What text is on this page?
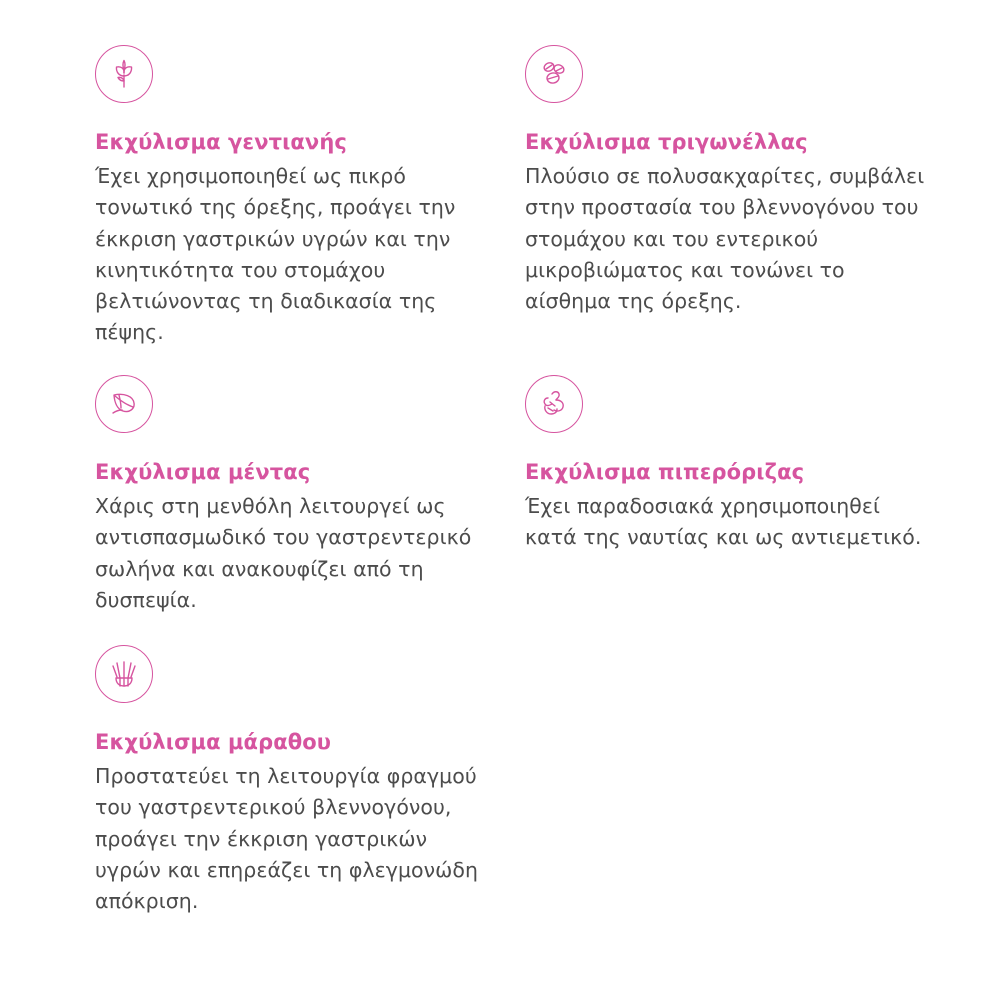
Εκχύλισμα γεντιανής
Έχει χρησιμοποιηθεί ως πικρό τονωτικό της όρεξης, προάγει την έκκριση γαστρικών υγρών και την κινητικότητα του στομάχου βελτιώνοντας τη διαδικασία της πέψης.
Εκχύλισμα μέντας
Χάρις στη μενθόλη λειτουργεί ως αντισπασμωδικό του γαστρεντερικό σωλήνα και ανακουφίζει από τη δυσπεψία.
Εκχύλισμα μάραθου
Προστατεύει τη λειτουργία φραγμού του γαστρεντερικού βλεννογόνου, προάγει την έκκριση γαστρικών υγρών και επηρεάζει τη φλεγμονώδη απόκριση.
Εκχύλισμα τριγωνέλλας
Πλούσιο σε πολυσακχαρίτες, συμβάλει στην προστασία του βλεννογόνου του στομάχου και του εντερικού μικροβιώματος και τονώνει το αίσθημα της όρεξης.
Εκχύλισμα πιπερόριζας
Έχει παραδοσιακά χρησιμοποιηθεί κατά της ναυτίας και ως αντιεμετικό.
